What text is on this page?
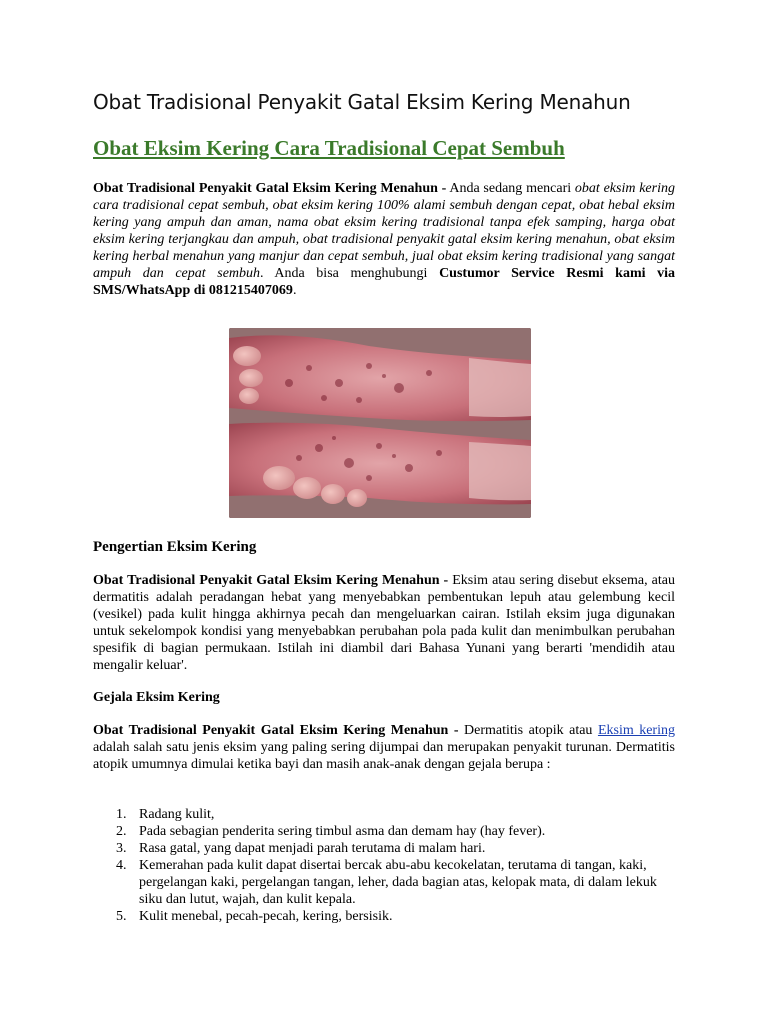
Obat Tradisional Penyakit Gatal Eksim Kering Menahun
Obat Eksim Kering Cara Tradisional Cepat Sembuh

Obat Tradisional Penyakit Gatal Eksim Kering Menahun - Anda sedang mencari obat eksim kering cara tradisional cepat sembuh, obat eksim kering 100% alami sembuh dengan cepat, obat hebal eksim kering yang ampuh dan aman, nama obat eksim kering tradisional tanpa efek samping, harga obat eksim kering terjangkau dan ampuh, obat tradisional penyakit gatal eksim kering menahun, obat eksim kering herbal menahun yang manjur dan cepat sembuh, jual obat eksim kering tradisional yang sangat ampuh dan cepat sembuh. Anda bisa menghubungi Custumor Service Resmi kami via SMS/WhatsApp di 081215407069.

Pengertian Eksim Kering

Obat Tradisional Penyakit Gatal Eksim Kering Menahun - Eksim atau sering disebut eksema, atau dermatitis adalah peradangan hebat yang menyebabkan pembentukan lepuh atau gelembung kecil (vesikel) pada kulit hingga akhirnya pecah dan mengeluarkan cairan. Istilah eksim juga digunakan untuk sekelompok kondisi yang menyebabkan perubahan pola pada kulit dan menimbulkan perubahan spesifik di bagian permukaan. Istilah ini diambil dari Bahasa Yunani yang berarti 'mendidih atau mengalir keluar'.

Gejala Eksim Kering

Obat Tradisional Penyakit Gatal Eksim Kering Menahun - Dermatitis atopik atau Eksim kering adalah salah satu jenis eksim yang paling sering dijumpai dan merupakan penyakit turunan. Dermatitis atopik umumnya dimulai ketika bayi dan masih anak-anak dengan gejala berupa :

1. Radang kulit,
2. Pada sebagian penderita sering timbul asma dan demam hay (hay fever).
3. Rasa gatal, yang dapat menjadi parah terutama di malam hari.
4. Kemerahan pada kulit dapat disertai bercak abu-abu kecokelatan, terutama di tangan, kaki, pergelangan kaki, pergelangan tangan, leher, dada bagian atas, kelopak mata, di dalam lekuk siku dan lutut, wajah, dan kulit kepala.
5. Kulit menebal, pecah-pecah, kering, bersisik.
